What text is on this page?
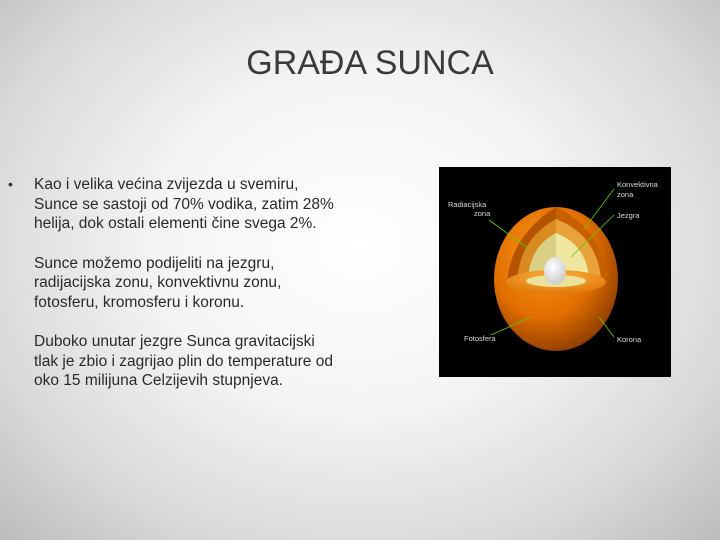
GRAĐA SUNCA
• Kao i velika većina zvijezda u svemiru, Sunce se sastoji od 70% vodika, zatim 28% helija, dok ostali elementi čine svega 2%.

Sunce možemo podijeliti na jezgru, radijacijska zonu, konvektivnu zonu, fotosferu, kromosferu i koronu.

Duboko unutar jezgre Sunca gravitacijski tlak je zbio i zagrijao plin do temperature od oko 15 milijuna Celzijevih stupnjeva.

Radiacijska
zona
Konvektivna
zona
Jezgra
Fotosfera	Korona
